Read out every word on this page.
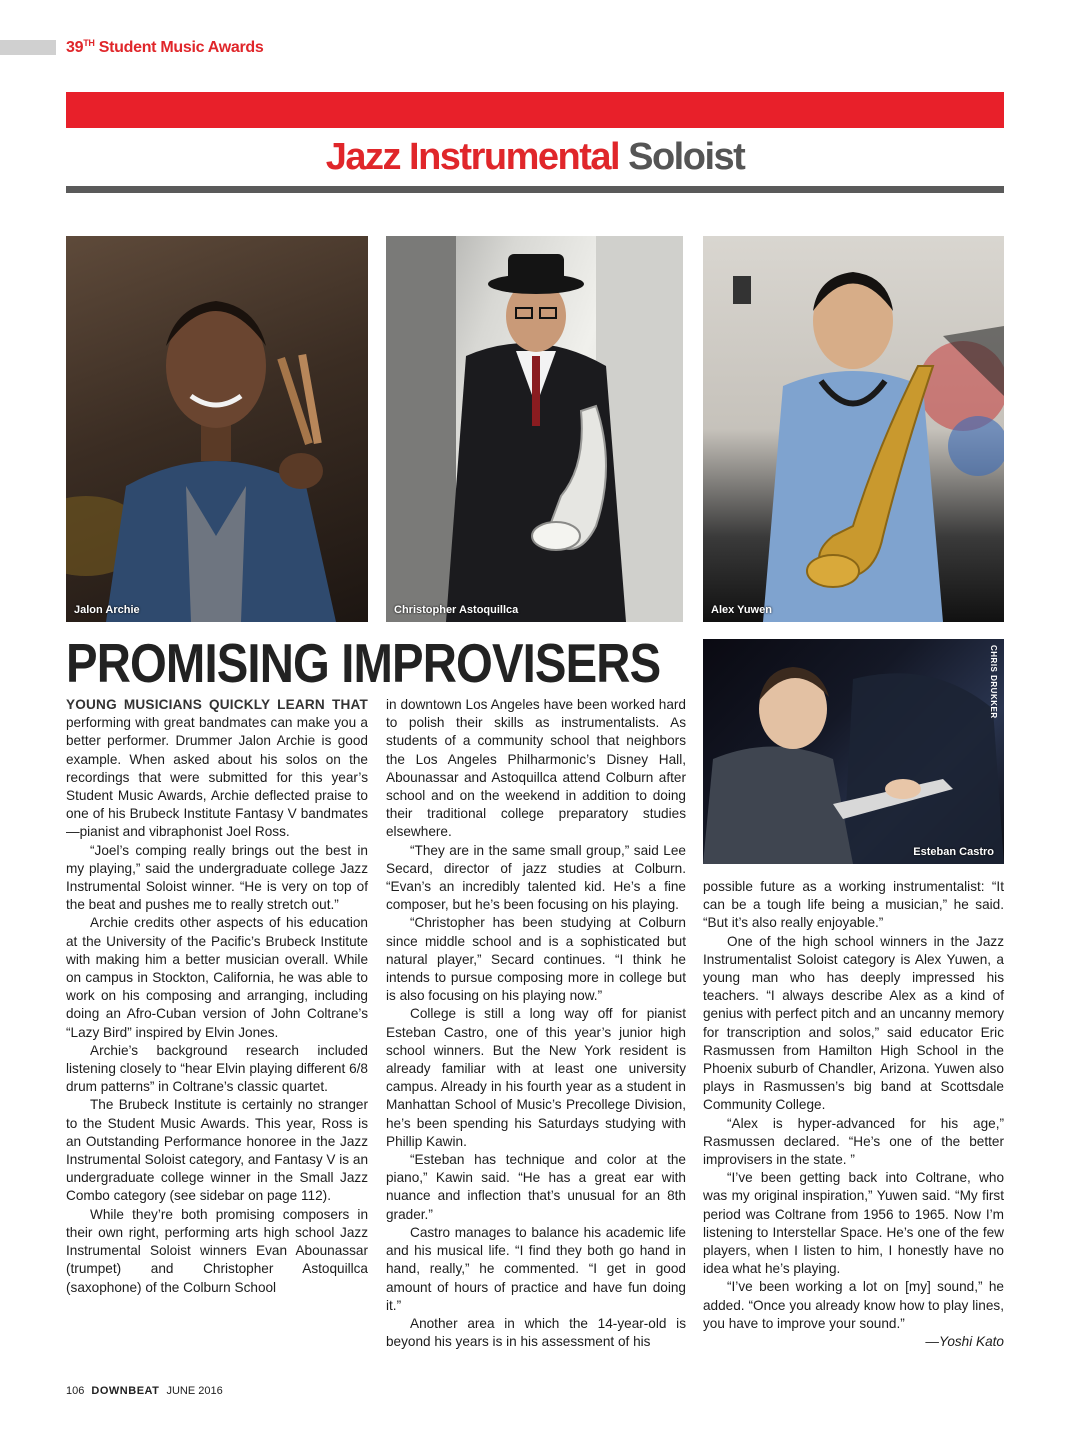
39TH Student Music Awards
Jazz Instrumental Soloist
Jalon Archie	Christopher Astoquillca	Alex Yuwen
PROMISING IMPROVISERS	CHRIS DRUKKER
Esteban Castro

YOUNG MUSICIANS QUICKLY LEARN THAT performing with great bandmates can make you a better performer. Drummer Jalon Archie is good example. When asked about his solos on the recordings that were submitted for this year’s Student Music Awards, Archie deflected praise to one of his Brubeck Institute Fantasy V bandmates—pianist and vibraphonist Joel Ross.

“Joel’s comping really brings out the best in my playing,” said the undergraduate college Jazz Instrumental Soloist winner. “He is very on top of the beat and pushes me to really stretch out.”

Archie credits other aspects of his education at the University of the Pacific’s Brubeck Institute with making him a better musician overall. While on campus in Stockton, California, he was able to work on his composing and arranging, including doing an Afro-Cuban version of John Coltrane’s “Lazy Bird” inspired by Elvin Jones.

Archie’s background research included listening closely to “hear Elvin playing different 6/8 drum patterns” in Coltrane’s classic quartet.

The Brubeck Institute is certainly no stranger to the Student Music Awards. This year, Ross is an Outstanding Performance honoree in the Jazz Instrumental Soloist category, and Fantasy V is an undergraduate college winner in the Small Jazz Combo category (see sidebar on page 112).

While they’re both promising composers in their own right, performing arts high school Jazz Instrumental Soloist winners Evan Abounassar (trumpet) and Christopher Astoquillca (saxophone) of the Colburn School

in downtown Los Angeles have been worked hard to polish their skills as instrumentalists. As students of a community school that neighbors the Los Angeles Philharmonic’s Disney Hall, Abounassar and Astoquillca attend Colburn after school and on the weekend in addition to doing their traditional college preparatory studies elsewhere.

“They are in the same small group,” said Lee Secard, director of jazz studies at Colburn. “Evan’s an incredibly talented kid. He’s a fine composer, but he’s been focusing on his playing.

“Christopher has been studying at Colburn since middle school and is a sophisticated but natural player,” Secard continues. “I think he intends to pursue composing more in college but is also focusing on his playing now.”

College is still a long way off for pianist Esteban Castro, one of this year’s junior high school winners. But the New York resident is already familiar with at least one university campus. Already in his fourth year as a student in Manhattan School of Music’s Precollege Division, he’s been spending his Saturdays studying with Phillip Kawin.

“Esteban has technique and color at the piano,” Kawin said. “He has a great ear with nuance and inflection that’s unusual for an 8th grader.”

Castro manages to balance his academic life and his musical life. “I find they both go hand in hand, really,” he commented. “I get in good amount of hours of practice and have fun doing it.”

Another area in which the 14-year-old is beyond his years is in his assessment of his

possible future as a working instrumentalist: “It can be a tough life being a musician,” he said. “But it’s also really enjoyable.”

One of the high school winners in the Jazz Instrumentalist Soloist category is Alex Yuwen, a young man who has deeply impressed his teachers. “I always describe Alex as a kind of genius with perfect pitch and an uncanny memory for transcription and solos,” said educator Eric Rasmussen from Hamilton High School in the Phoenix suburb of Chandler, Arizona. Yuwen also plays in Rasmussen’s big band at Scottsdale Community College.

“Alex is hyper-advanced for his age,” Rasmussen declared. “He’s one of the better improvisers in the state. ”

“I’ve been getting back into Coltrane, who was my original inspiration,” Yuwen said. “My first period was Coltrane from 1956 to 1965. Now I’m listening to Interstellar Space. He’s one of the few players, when I listen to him, I honestly have no idea what he’s playing.

“I’ve been working a lot on [my] sound,” he added. “Once you already know how to play lines, you have to improve your sound.”

—Yoshi Kato

106 DOWNBEAT JUNE 2016
